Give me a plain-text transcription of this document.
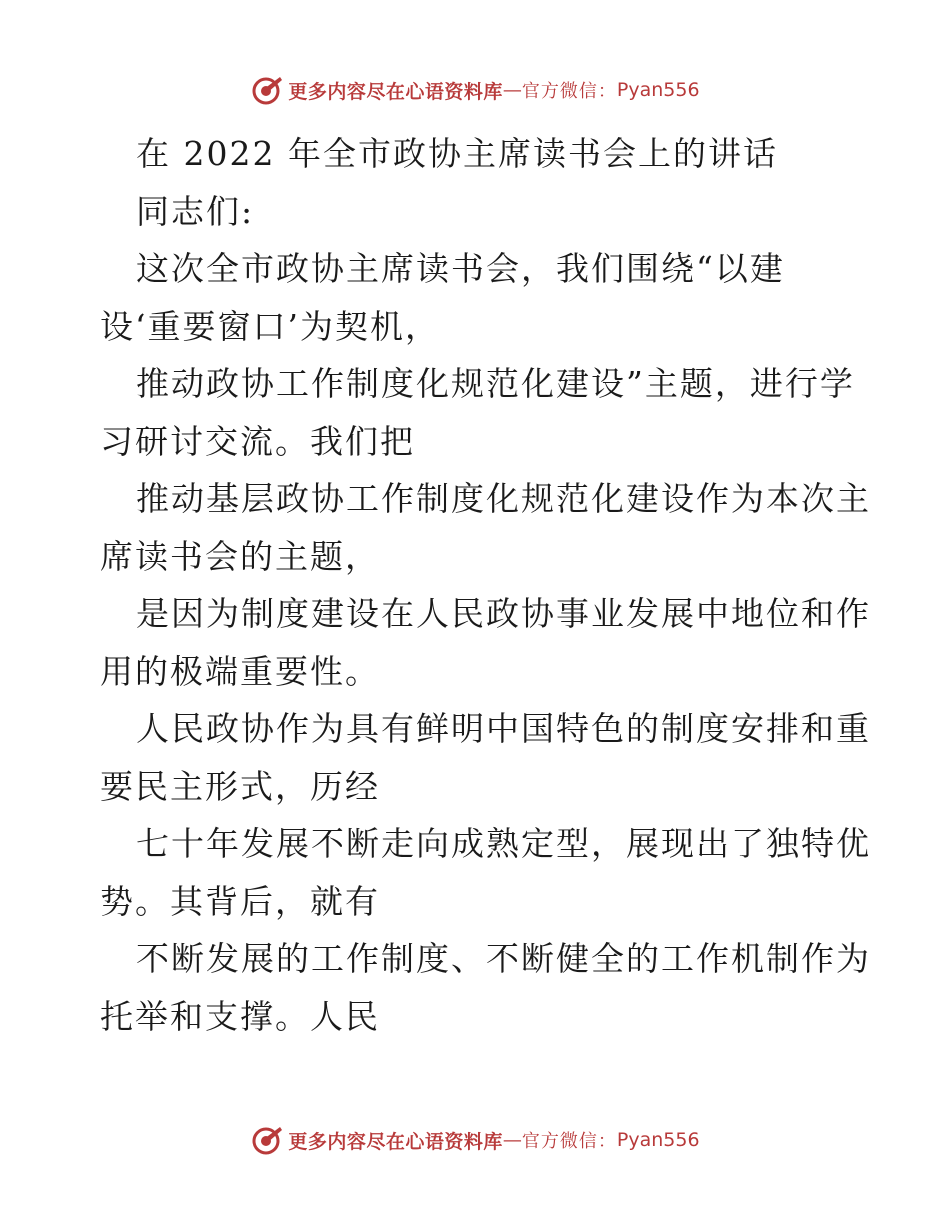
更多内容尽在心语资料库 — 官方微信： Pyan556
在 2022 年全市政协主席读书会上的讲话
同志们:
这次全市政协主席读书会，我们围绕“以建
设‘重要窗口’为契机，
推动政协工作制度化规范化建设”主题，进行学
习研讨交流。我们把
推动基层政协工作制度化规范化建设作为本次主
席读书会的主题，
是因为制度建设在人民政协事业发展中地位和作
用的极端重要性。
人民政协作为具有鲜明中国特色的制度安排和重
要民主形式，历经
七十年发展不断走向成熟定型，展现出了独特优
势。其背后，就有
不断发展的工作制度、不断健全的工作机制作为
托举和支撑。人民
更多内容尽在心语资料库 — 官方微信： Pyan556
